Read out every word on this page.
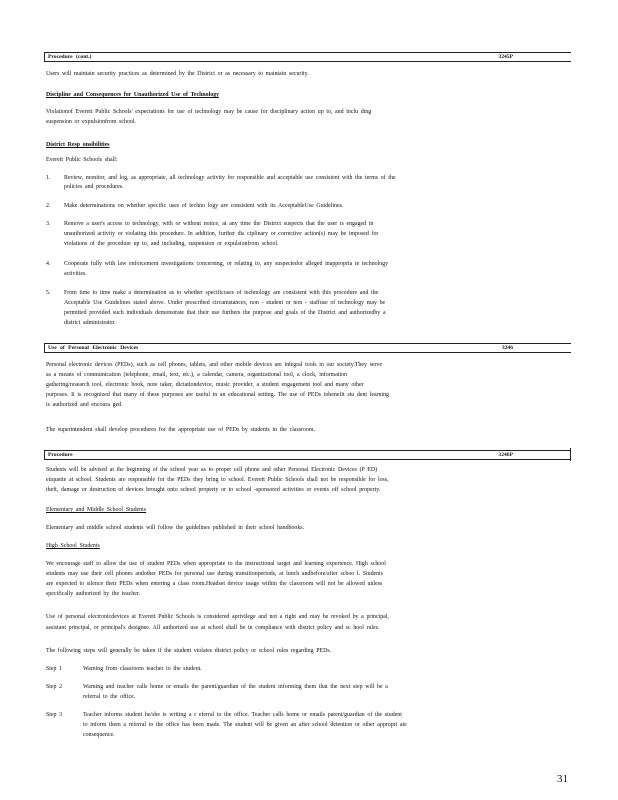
Procedure (cont.)	3245P
Users will maintain security practices as determined by the District or as necessary to maintain security.
Discipline and Consequences for Unauthorized Use of Technology
Violationof Everett Public Schools' expectations for use of technology may be cause for disciplinary action up to, and inclu ding
suspension or expulsionfrom school.
District Resp onsibilities
Everett Public Schools shall:
1. Review, monitor, and log, as appropriate, all technology activity for responsible and acceptable use consistent with the terms of the
policies and procedures.
2. Make determinations on whether specific uses of techno logy are consistent with its AcceptableUse Guidelines.
3. Remove a user's access to technology, with or without notice, at any time the District suspects that the user is engaged in
unauthorized activity or violating this procedure. In addition, further dis ciplinary or corrective action(s) may be imposed for
violations of the procedure up to, and including, suspension or expulsionfrom school.
4. Cooperate fully with law enforcement investigations concerning, or relating to, any suspectedor alleged inappropria te technology
activities.
5. From time to time make a determination as to whether specificuses of technology are consistent with this procedure and the
Acceptable Use Guidelines stated above. Under prescribed circumstances, non - student or non - staffuse of technology may be
permitted provided such individuals demonstrate that their use furthers the purpose and goals of the District and authorizedby a
district administrator.
Use of Personal Electronic Devices	3246
Personal electronic devices (PEDs), such as cell phones, tablets, and other mobile devices are integral tools in our society.They serve
as a means of communication (telephone, email, text, etc.), a calendar, camera, organizational tool, a clock, information
gathering/research tool, electronic book, note taker, dictationdevice, music provider, a student engagement tool and many other
purposes. It is recognized that many of these purposes are useful in an educational setting. The use of PEDs tobenefit stu dent learning
is authorized and encoura ged.
The superintendent shall develop procedures for the appropriate use of PEDs by students in the classroom.
Procedure	3246P
Students will be advised at the beginning of the school year as to proper cell phone and other Personal Electronic Devices (P ED)
etiquette at school. Students are responsible for the PEDs they bring to school. Everett Public Schools shall not be responsible for loss,
theft, damage or destruction of devices brought onto school property or to school -sponsored activities or events off school property.
Elementary and Middle School Students
Elementary and middle school students will follow the guidelines published in their school handbooks.
High School Students
We encourage staff to allow the use of student PEDs when appropriate to the instructional target and learning experience. High school
students may use their cell phones andother PEDs for personal use during transitionperiods, at lunch andbefore/after schoo l. Students
are expected to silence their PEDs when entering a class room.Headset device usage within the classroom will not be allowed unless
specifically authorized by the teacher.
Use of personal electronicdevices at Everett Public Schools is considered aprivilege and not a right and may be revoked by a principal,
assistant principal, or principal's designee. All authorized use at school shall be in compliance with district policy and sc hool rules.
The following steps will generally be taken if the student violates district policy or school rules regarding PEDs.
Step 1	Warning from classroom teacher to the student.
Step 2	Warning and teacher calls home or emails the parent/guardian of the student informing them that the next step will be a
referral to the office.
Step 3	Teacher informs student he/she is writing a r eferral to the office. Teacher calls home or emails parent/guardian of the student
to inform them a referral to the office has been made. The student will be given an after school detention or other appropri ate
consequence.
31
